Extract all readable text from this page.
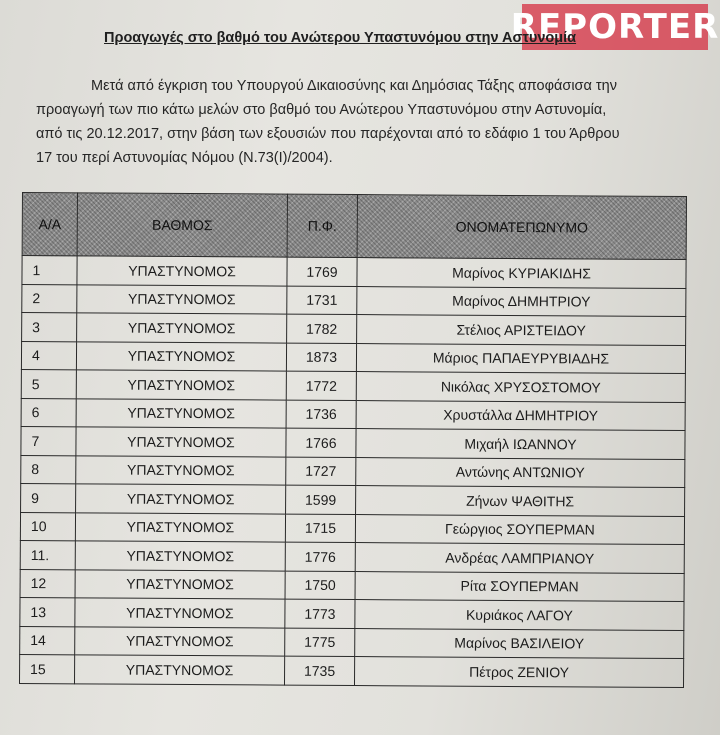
REPORTER
Προαγωγές στο βαθμό του Ανώτερου Υπαστυνόμου στην Αστυνομία
Μετά από έγκριση του Υπουργού Δικαιοσύνης και Δημόσιας Τάξης αποφάσισα την
προαγωγή των πιο κάτω μελών στο βαθμό του Ανώτερου Υπαστυνόμου στην Αστυνομία,
από τις 20.12.2017, στην βάση των εξουσιών που παρέχονται από το εδάφιο 1 του Άρθρου
17 του περί Αστυνομίας Νόμου (Ν.73(Ι)/2004).
Α/Α	ΒΑΘΜΟΣ	Π.Φ.	ΟΝΟΜΑΤΕΠΩΝΥΜΟ
1	ΥΠΑΣΤΥΝΟΜΟΣ	1769	Μαρίνος ΚΥΡΙΑΚΙΔΗΣ
2	ΥΠΑΣΤΥΝΟΜΟΣ	1731	Μαρίνος ΔΗΜΗΤΡΙΟΥ
3	ΥΠΑΣΤΥΝΟΜΟΣ	1782	Στέλιος ΑΡΙΣΤΕΙΔΟΥ
4	ΥΠΑΣΤΥΝΟΜΟΣ	1873	Μάριος ΠΑΠΑΕΥΡΥΒΙΑΔΗΣ
5	ΥΠΑΣΤΥΝΟΜΟΣ	1772	Νικόλας ΧΡΥΣΟΣΤΟΜΟΥ
6	ΥΠΑΣΤΥΝΟΜΟΣ	1736	Χρυστάλλα ΔΗΜΗΤΡΙΟΥ
7	ΥΠΑΣΤΥΝΟΜΟΣ	1766	Μιχαήλ ΙΩΑΝΝΟΥ
8	ΥΠΑΣΤΥΝΟΜΟΣ	1727	Αντώνης ΑΝΤΩΝΙΟΥ
9	ΥΠΑΣΤΥΝΟΜΟΣ	1599	Ζήνων ΨΑΘΙΤΗΣ
10	ΥΠΑΣΤΥΝΟΜΟΣ	1715	Γεώργιος ΣΟΥΠΕΡΜΑΝ
11.	ΥΠΑΣΤΥΝΟΜΟΣ	1776	Ανδρέας ΛΑΜΠΡΙΑΝΟΥ
12	ΥΠΑΣΤΥΝΟΜΟΣ	1750	Ρίτα ΣΟΥΠΕΡΜΑΝ
13	ΥΠΑΣΤΥΝΟΜΟΣ	1773	Κυριάκος ΛΑΓΟΥ
14	ΥΠΑΣΤΥΝΟΜΟΣ	1775	Μαρίνος ΒΑΣΙΛΕΙΟΥ
15	ΥΠΑΣΤΥΝΟΜΟΣ	1735	Πέτρος ΖΕΝΙΟΥ
